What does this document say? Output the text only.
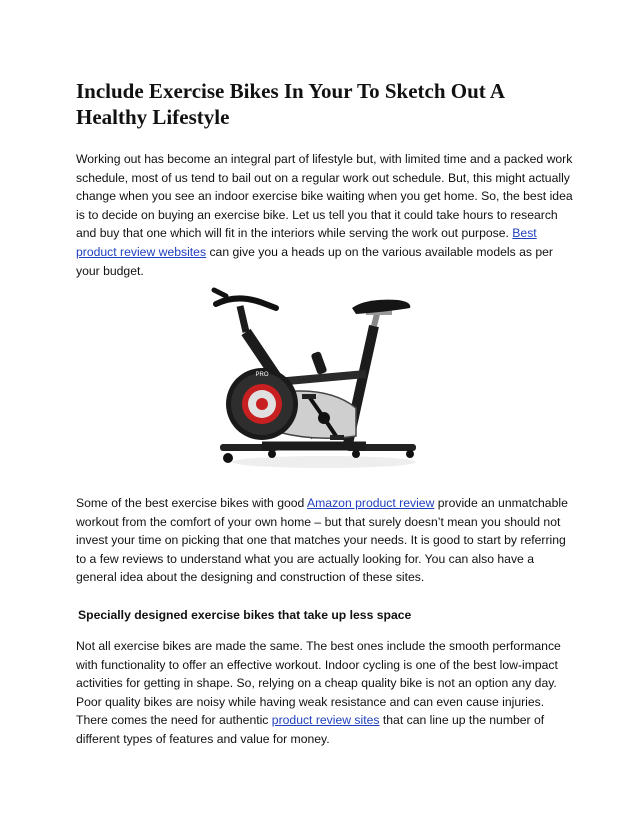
Include Exercise Bikes In Your To Sketch Out A Healthy Lifestyle

Working out has become an integral part of lifestyle but, with limited time and a packed work schedule, most of us tend to bail out on a regular work out schedule. But, this might actually change when you see an indoor exercise bike waiting when you get home. So, the best idea is to decide on buying an exercise bike. Let us tell you that it could take hours to research and buy that one which will fit in the interiors while serving the work out purpose. Best product review websites can give you a heads up on the various available models as per your budget.

PRO

Some of the best exercise bikes with good Amazon product review provide an unmatchable workout from the comfort of your own home – but that surely doesn’t mean you should not invest your time on picking that one that matches your needs. It is good to start by referring to a few reviews to understand what you are actually looking for. You can also have a general idea about the designing and construction of these sites.

Specially designed exercise bikes that take up less space

Not all exercise bikes are made the same. The best ones include the smooth performance with functionality to offer an effective workout. Indoor cycling is one of the best low-impact activities for getting in shape. So, relying on a cheap quality bike is not an option any day. Poor quality bikes are noisy while having weak resistance and can even cause injuries. There comes the need for authentic product review sites that can line up the number of different types of features and value for money.
